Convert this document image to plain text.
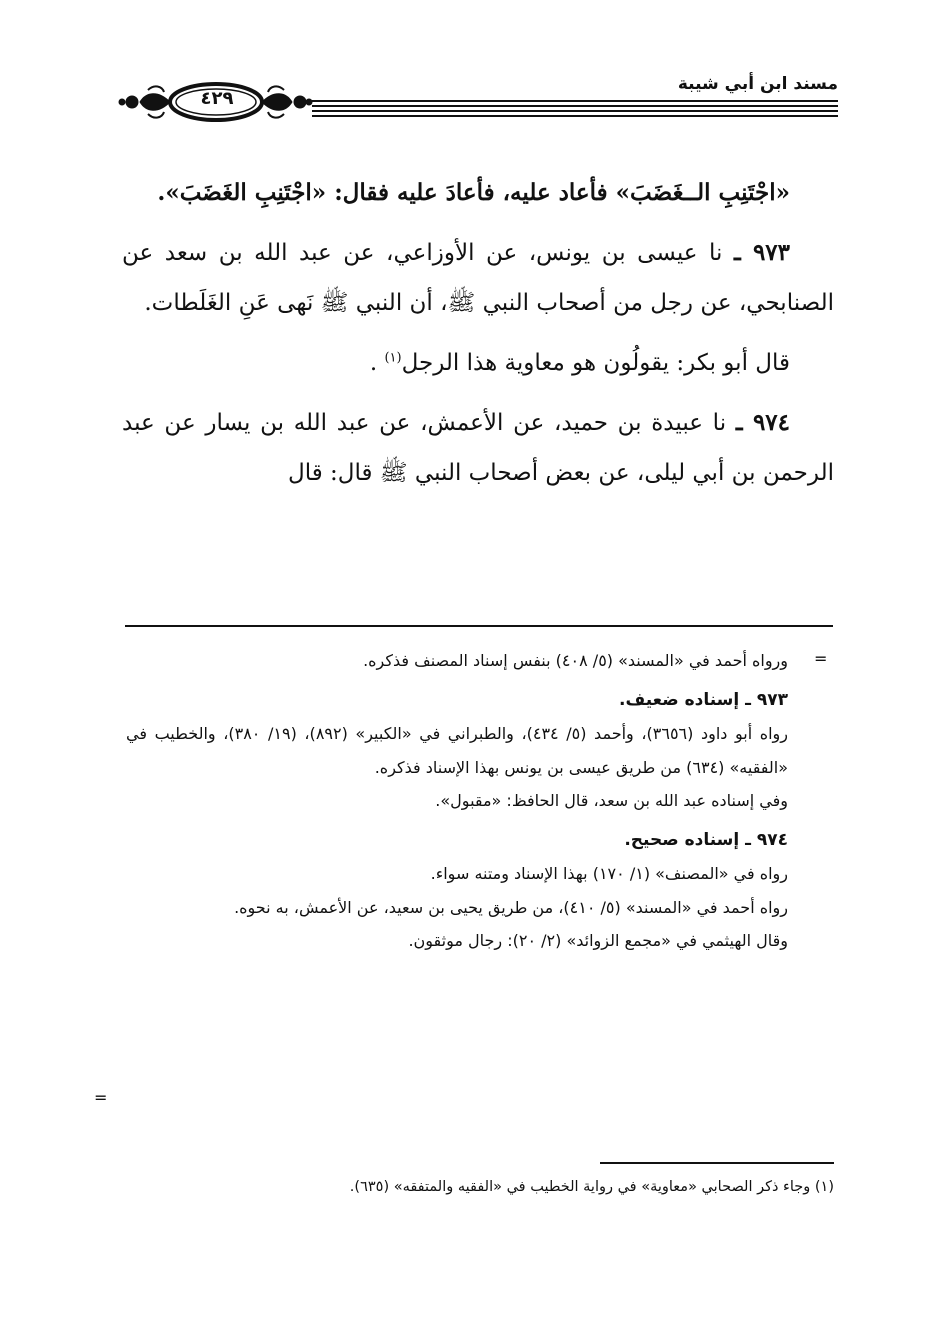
مسند ابن أبي شيبة
٤٢٩

«اجْتَنِبِ الــغَضَبَ» فأعاد عليه، فأعادَ عليه فقال: «اجْتَنِبِ الغَضَبَ».

٩٧٣ ـ نا عيسى بن يونس، عن الأوزاعي، عن عبد الله بن سعد عن الصنابحي، عن رجل من أصحاب النبي ﷺ، أن النبي ﷺ نَهى عَنِ الغَلَطات.

قال أبو بكر: يقولُون هو معاوية هذا الرجل$^{(١)}$ .

٩٧٤ ـ نا عبيدة بن حميد، عن الأعمش، عن عبد الله بن يسار عن عبد الرحمن بن أبي ليلى، عن بعض أصحاب النبي ﷺ قال: قال

=

ورواه أحمد في «المسند» (٥/ ٤٠٨) بنفس إسناد المصنف فذكره.

٩٧٣ ـ إسناده ضعيف.

رواه أبو داود (٣٦٥٦)، وأحمد (٥/ ٤٣٤)، والطبراني في «الكبير» (٨٩٢)، (١٩/ ٣٨٠)، والخطيب في «الفقيه» (٦٣٤) من طريق عيسى بن يونس بهذا الإسناد فذكره.

وفي إسناده عبد الله بن سعد، قال الحافظ: «مقبول».

٩٧٤ ـ إسناده صحيح.

رواه في «المصنف» (١/ ١٧٠) بهذا الإسناد ومتنه سواء.

رواه أحمد في «المسند» (٥/ ٤١٠)، من طريق يحيى بن سعيد، عن الأعمش، به نحوه.

وقال الهيثمي في «مجمع الزوائد» (٢/ ٢٠): رجال موثقون.

=
(١) وجاء ذكر الصحابي «معاوية» في رواية الخطيب في «الفقيه والمتفقه» (٦٣٥).
